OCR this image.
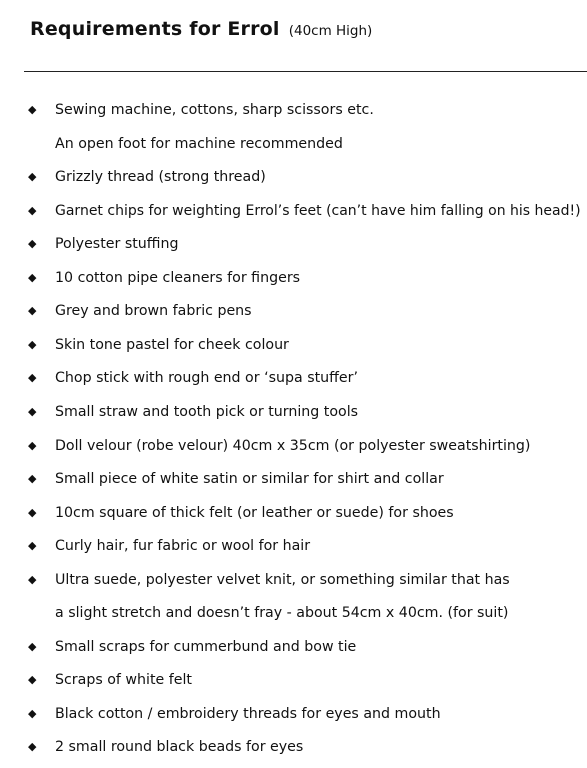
Requirements for Errol (40cm High)
◆ Sewing machine, cottons, sharp scissors etc.
An open foot for machine recommended
◆ Grizzly thread (strong thread)
◆ Garnet chips for weighting Errol’s feet (can’t have him falling on his head!)
◆ Polyester stuffing
◆ 10 cotton pipe cleaners for fingers
◆ Grey and brown fabric pens
◆ Skin tone pastel for cheek colour
◆ Chop stick with rough end or ‘supa stuffer’
◆ Small straw and tooth pick or turning tools
◆ Doll velour (robe velour) 40cm x 35cm (or polyester sweatshirting)
◆ Small piece of white satin or similar for shirt and collar
◆ 10cm square of thick felt (or leather or suede) for shoes
◆ Curly hair, fur fabric or wool for hair
◆ Ultra suede, polyester velvet knit, or something similar that has
a slight stretch and doesn’t fray - about 54cm x 40cm. (for suit)
◆ Small scraps for cummerbund and bow tie
◆ Scraps of white felt
◆ Black cotton / embroidery threads for eyes and mouth
◆ 2 small round black beads for eyes
